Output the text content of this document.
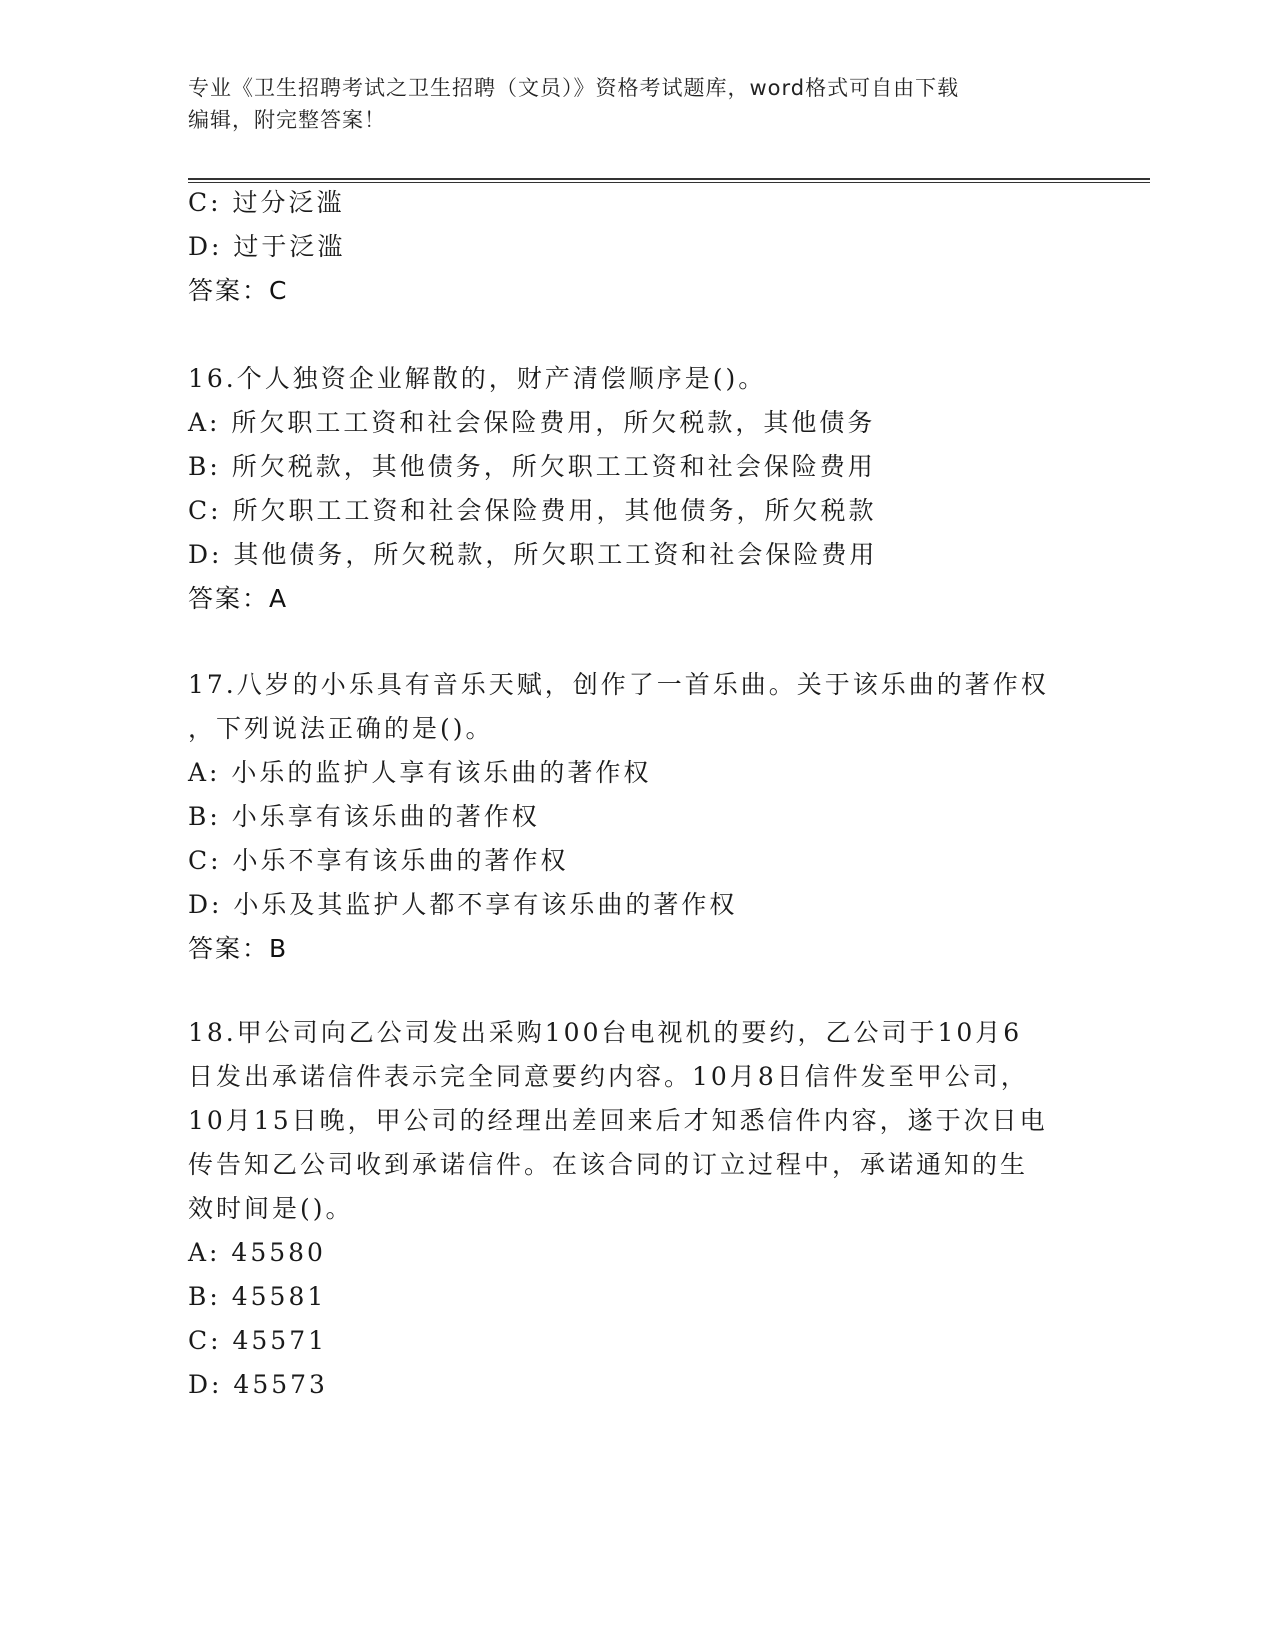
专业《卫生招聘考试之卫生招聘（文员）》资格考试题库，word格式可自由下载
编辑，附完整答案！
C: 过分泛滥
D: 过于泛滥
答案：C
16.个人独资企业解散的，财产清偿顺序是()。
A: 所欠职工工资和社会保险费用，所欠税款，其他债务
B: 所欠税款，其他债务，所欠职工工资和社会保险费用
C: 所欠职工工资和社会保险费用，其他债务，所欠税款
D: 其他债务，所欠税款，所欠职工工资和社会保险费用
答案：A
17.八岁的小乐具有音乐天赋，创作了一首乐曲。关于该乐曲的著作权
，下列说法正确的是()。
A: 小乐的监护人享有该乐曲的著作权
B: 小乐享有该乐曲的著作权
C: 小乐不享有该乐曲的著作权
D: 小乐及其监护人都不享有该乐曲的著作权
答案：B
18.甲公司向乙公司发出采购100台电视机的要约，乙公司于10月6
日发出承诺信件表示完全同意要约内容。10月8日信件发至甲公司，
10月15日晚，甲公司的经理出差回来后才知悉信件内容，遂于次日电
传告知乙公司收到承诺信件。在该合同的订立过程中，承诺通知的生
效时间是()。
A: 45580
B: 45581
C: 45571
D: 45573
